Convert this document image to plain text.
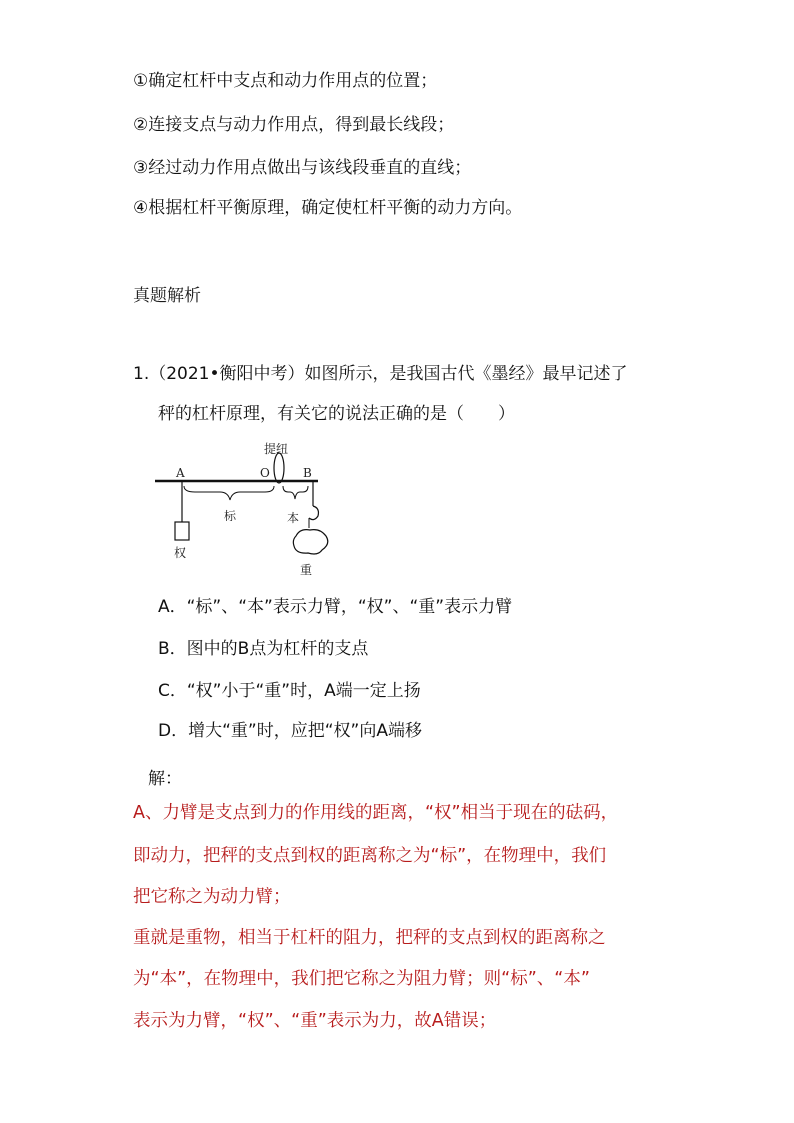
①确定杠杆中支点和动力作用点的位置；
②连接支点与动力作用点，得到最长线段；
③经过动力作用点做出与该线段垂直的直线；
④根据杠杆平衡原理，确定使杠杆平衡的动力方向。
真题解析
1.（2021•衡阳中考）如图所示，是我国古代《墨经》最早记述了
秤的杠杆原理，有关它的说法正确的是（　　）
提纽
A	O	B
权
标	本
重
A．“标”、“本”表示力臂，“权”、“重”表示力臂
B．图中的B点为杠杆的支点
C．“权”小于“重”时，A端一定上扬
D．增大“重”时，应把“权”向A端移
解：
A、力臂是支点到力的作用线的距离，“权”相当于现在的砝码，
即动力，把秤的支点到权的距离称之为“标”，在物理中，我们
把它称之为动力臂；
重就是重物，相当于杠杆的阻力，把秤的支点到权的距离称之
为“本”，在物理中，我们把它称之为阻力臂；则“标”、“本”
表示为力臂，“权”、“重”表示为力，故A错误；
